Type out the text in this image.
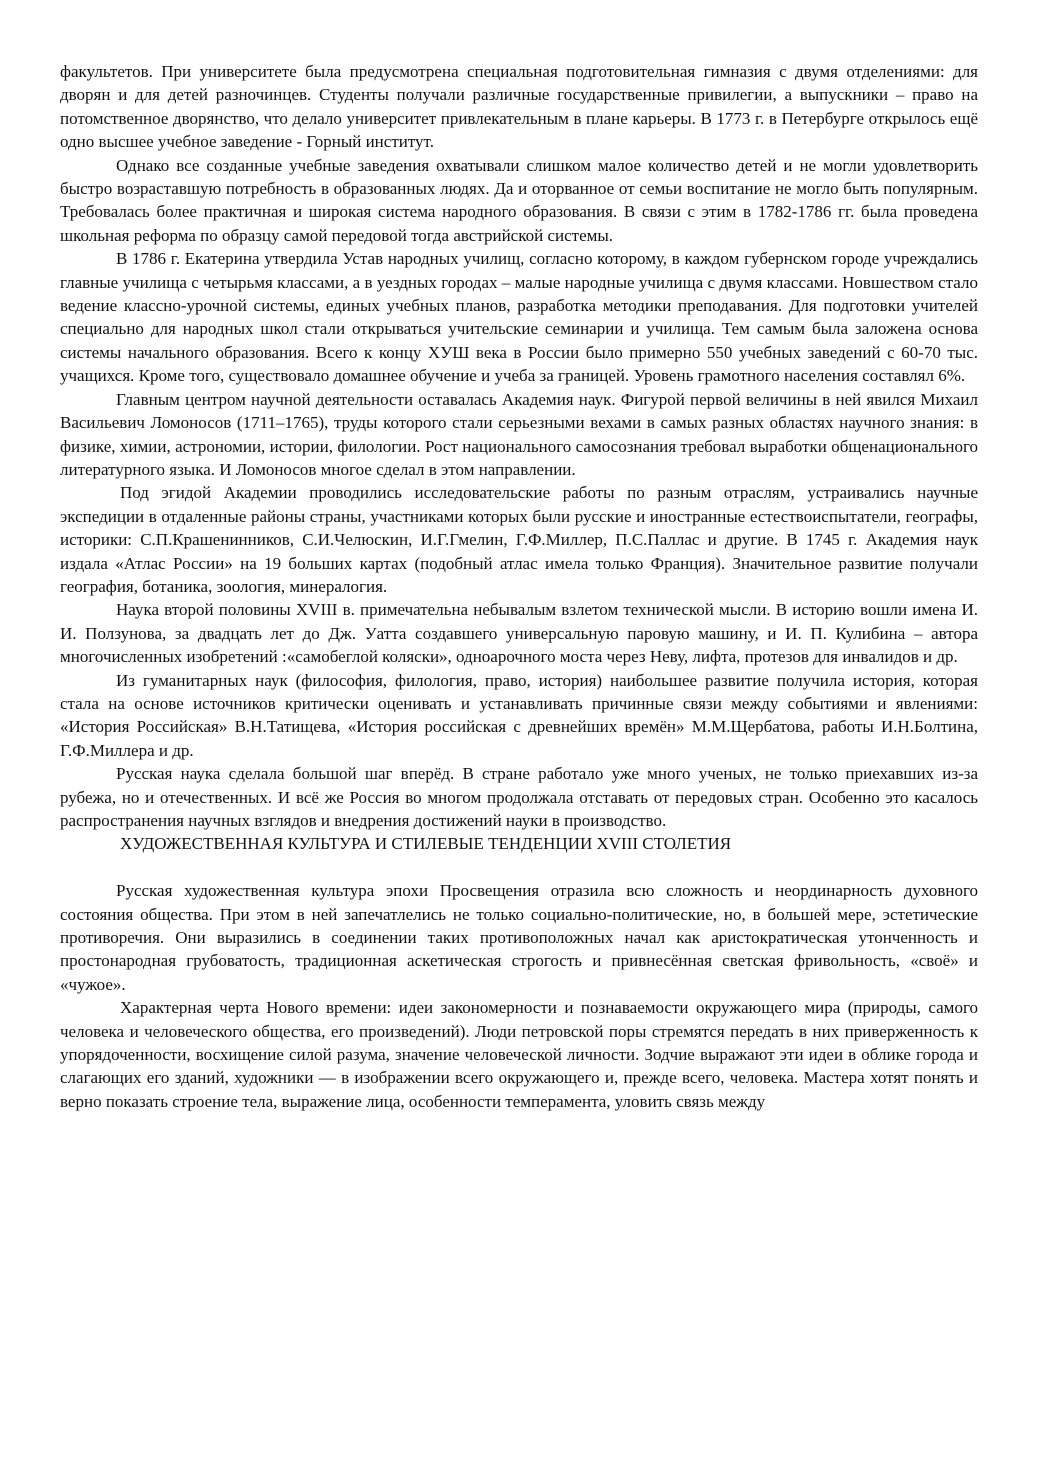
факультетов. При университете была предусмотрена специальная подготовительная гимназия с двумя отделениями: для дворян и для детей разночинцев. Студенты получали различные государственные привилегии, а выпускники – право на потомственное дворянство, что делало университет привлекательным в плане карьеры. В 1773 г. в Петербурге открылось ещё одно высшее учебное заведение - Горный институт.

Однако все созданные учебные заведения охватывали слишком малое количество детей и не могли удовлетворить быстро возраставшую потребность в образованных людях. Да и оторванное от семьи воспитание не могло быть популярным. Требовалась более практичная и широкая система народного образования. В связи с этим в 1782-1786 гг. была проведена школьная реформа по образцу самой передовой тогда австрийской системы.

В 1786 г. Екатерина утвердила Устав народных училищ, согласно которому, в каждом губернском городе учреждались главные училища с четырьмя классами, а в уездных городах – малые народные училища с двумя классами. Новшеством стало ведение классно-урочной системы, единых учебных планов, разработка методики преподавания. Для подготовки учителей специально для народных школ стали открываться учительские семинарии и училища. Тем самым была заложена основа системы начального образования. Всего к концу ХУШ века в России было примерно 550 учебных заведений с 60-70 тыс. учащихся. Кроме того, существовало домашнее обучение и учеба за границей. Уровень грамотного населения составлял 6%.

Главным центром научной деятельности оставалась Академия наук. Фигурой первой величины в ней явился Михаил Васильевич Ломоносов (1711–1765), труды которого стали серьезными вехами в самых разных областях научного знания: в физике, химии, астрономии, истории, филологии. Рост национального самосознания требовал выработки общенационального литературного языка. И Ломоносов многое сделал в этом направлении.

Под эгидой Академии проводились исследовательские работы по разным отраслям, устраивались научные экспедиции в отдаленные районы страны, участниками которых были русские и иностранные естествоиспытатели, географы, историки: С.П.Крашенинников, С.И.Челюскин, И.Г.Гмелин, Г.Ф.Миллер, П.С.Паллас и другие. В 1745 г. Академия наук издала «Атлас России» на 19 больших картах (подобный атлас имела только Франция). Значительное развитие получали география, ботаника, зоология, минералогия.

Наука второй половины XVIII в. примечательна небывалым взлетом технической мысли. В историю вошли имена И. И. Ползунова, за двадцать лет до Дж. Уатта создавшего универсальную паровую машину, и И. П. Кулибина – автора многочисленных изобретений :«самобеглой коляски», одноарочного моста через Неву, лифта, протезов для инвалидов и др.

Из гуманитарных наук (философия, филология, право, история) наибольшее развитие получила история, которая стала на основе источников критически оценивать и устанавливать причинные связи между событиями и явлениями: «История Российская» В.Н.Татищева, «История российская с древнейших времён» М.М.Щербатова, работы И.Н.Болтина, Г.Ф.Миллера и др.

Русская наука сделала большой шаг вперёд. В стране работало уже много ученых, не только приехавших из-за рубежа, но и отечественных. И всё же Россия во многом продолжала отставать от передовых стран. Особенно это касалось распространения научных взглядов и внедрения достижений науки в производство.

ХУДОЖЕСТВЕННАЯ КУЛЬТУРА И СТИЛЕВЫЕ ТЕНДЕНЦИИ XVIII СТОЛЕТИЯ

Русская художественная культура эпохи Просвещения отразила всю сложность и неординарность духовного состояния общества. При этом в ней запечатлелись не только социально-политические, но, в большей мере, эстетические противоречия. Они выразились в соединении таких противоположных начал как аристократическая утонченность и простонародная грубоватость, традиционная аскетическая строгость и привнесённая светская фривольность, «своё» и «чужое».

Характерная черта Нового времени: идеи закономерности и познаваемости окружающего мира (природы, самого человека и человеческого общества, его произведений). Люди петровской поры стремятся передать в них приверженность к упорядоченности, восхищение силой разума, значение человеческой личности. Зодчие выражают эти идеи в облике города и слагающих его зданий, художники — в изображении всего окружающего и, прежде всего, человека. Мастера хотят понять и верно показать строение тела, выражение лица, особенности темперамента, уловить связь между
